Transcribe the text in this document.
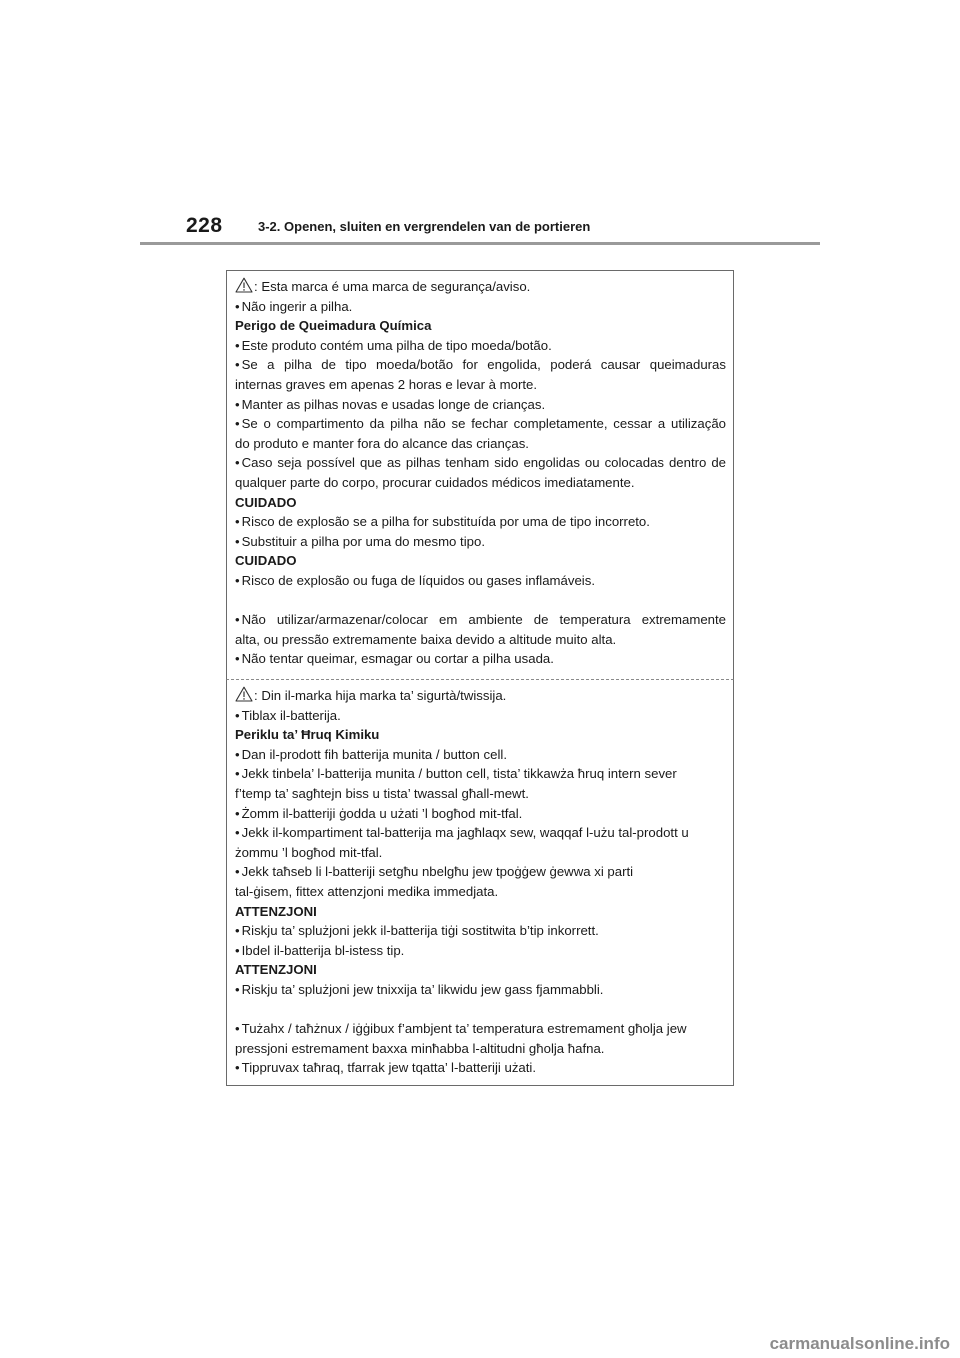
228	3-2. Openen, sluiten en vergrendelen van de portieren
: Esta marca é uma marca de segurança/aviso.
• Não ingerir a pilha.
Perigo de Queimadura Química
• Este produto contém uma pilha de tipo moeda/botão.
• Se a pilha de tipo moeda/botão for engolida, poderá causar queimaduras
internas graves em apenas 2 horas e levar à morte.
• Manter as pilhas novas e usadas longe de crianças.
• Se o compartimento da pilha não se fechar completamente, cessar a utilização
do produto e manter fora do alcance das crianças.
• Caso seja possível que as pilhas tenham sido engolidas ou colocadas dentro de
qualquer parte do corpo, procurar cuidados médicos imediatamente.
CUIDADO
• Risco de explosão se a pilha for substituída por uma de tipo incorreto.
• Substituir a pilha por uma do mesmo tipo.
CUIDADO
• Risco de explosão ou fuga de líquidos ou gases inflamáveis.
• Não utilizar/armazenar/colocar em ambiente de temperatura extremamente
alta, ou pressão extremamente baixa devido a altitude muito alta.
• Não tentar queimar, esmagar ou cortar a pilha usada.
: Din il-marka hija marka ta’ sigurtà/twissija.
• Tiblax il-batterija.
Periklu ta’ Ħruq Kimiku
• Dan il-prodott fih batterija munita / button cell.
• Jekk tinbela’ l-batterija munita / button cell, tista’ tikkawża ħruq intern sever
f’temp ta’ sagħtejn biss u tista’ twassal għall-mewt.
• Żomm il-batteriji ġodda u użati ’l bogħod mit-tfal.
• Jekk il-kompartiment tal-batterija ma jagħlaqx sew, waqqaf l-użu tal-prodott u
żommu ’l bogħod mit-tfal.
• Jekk taħseb li l-batteriji setgħu nbelgħu jew tpoġġew ġewwa xi parti
tal-ġisem, fittex attenzjoni medika immedjata.
ATTENZJONI
• Riskju ta’ splużjoni jekk il-batterija tiġi sostitwita b’tip inkorrett.
• Ibdel il-batterija bl-istess tip.
ATTENZJONI
• Riskju ta’ splużjoni jew tnixxija ta’ likwidu jew gass fjammabbli.
• Tużahx / taħżnux / iġġibux f’ambjent ta’ temperatura estremament għolja jew
pressjoni estremament baxxa minħabba l-altitudni għolja ħafna.
• Tippruvax taħraq, tfarrak jew tqatta’ l-batteriji użati.
carmanualsonline.info
